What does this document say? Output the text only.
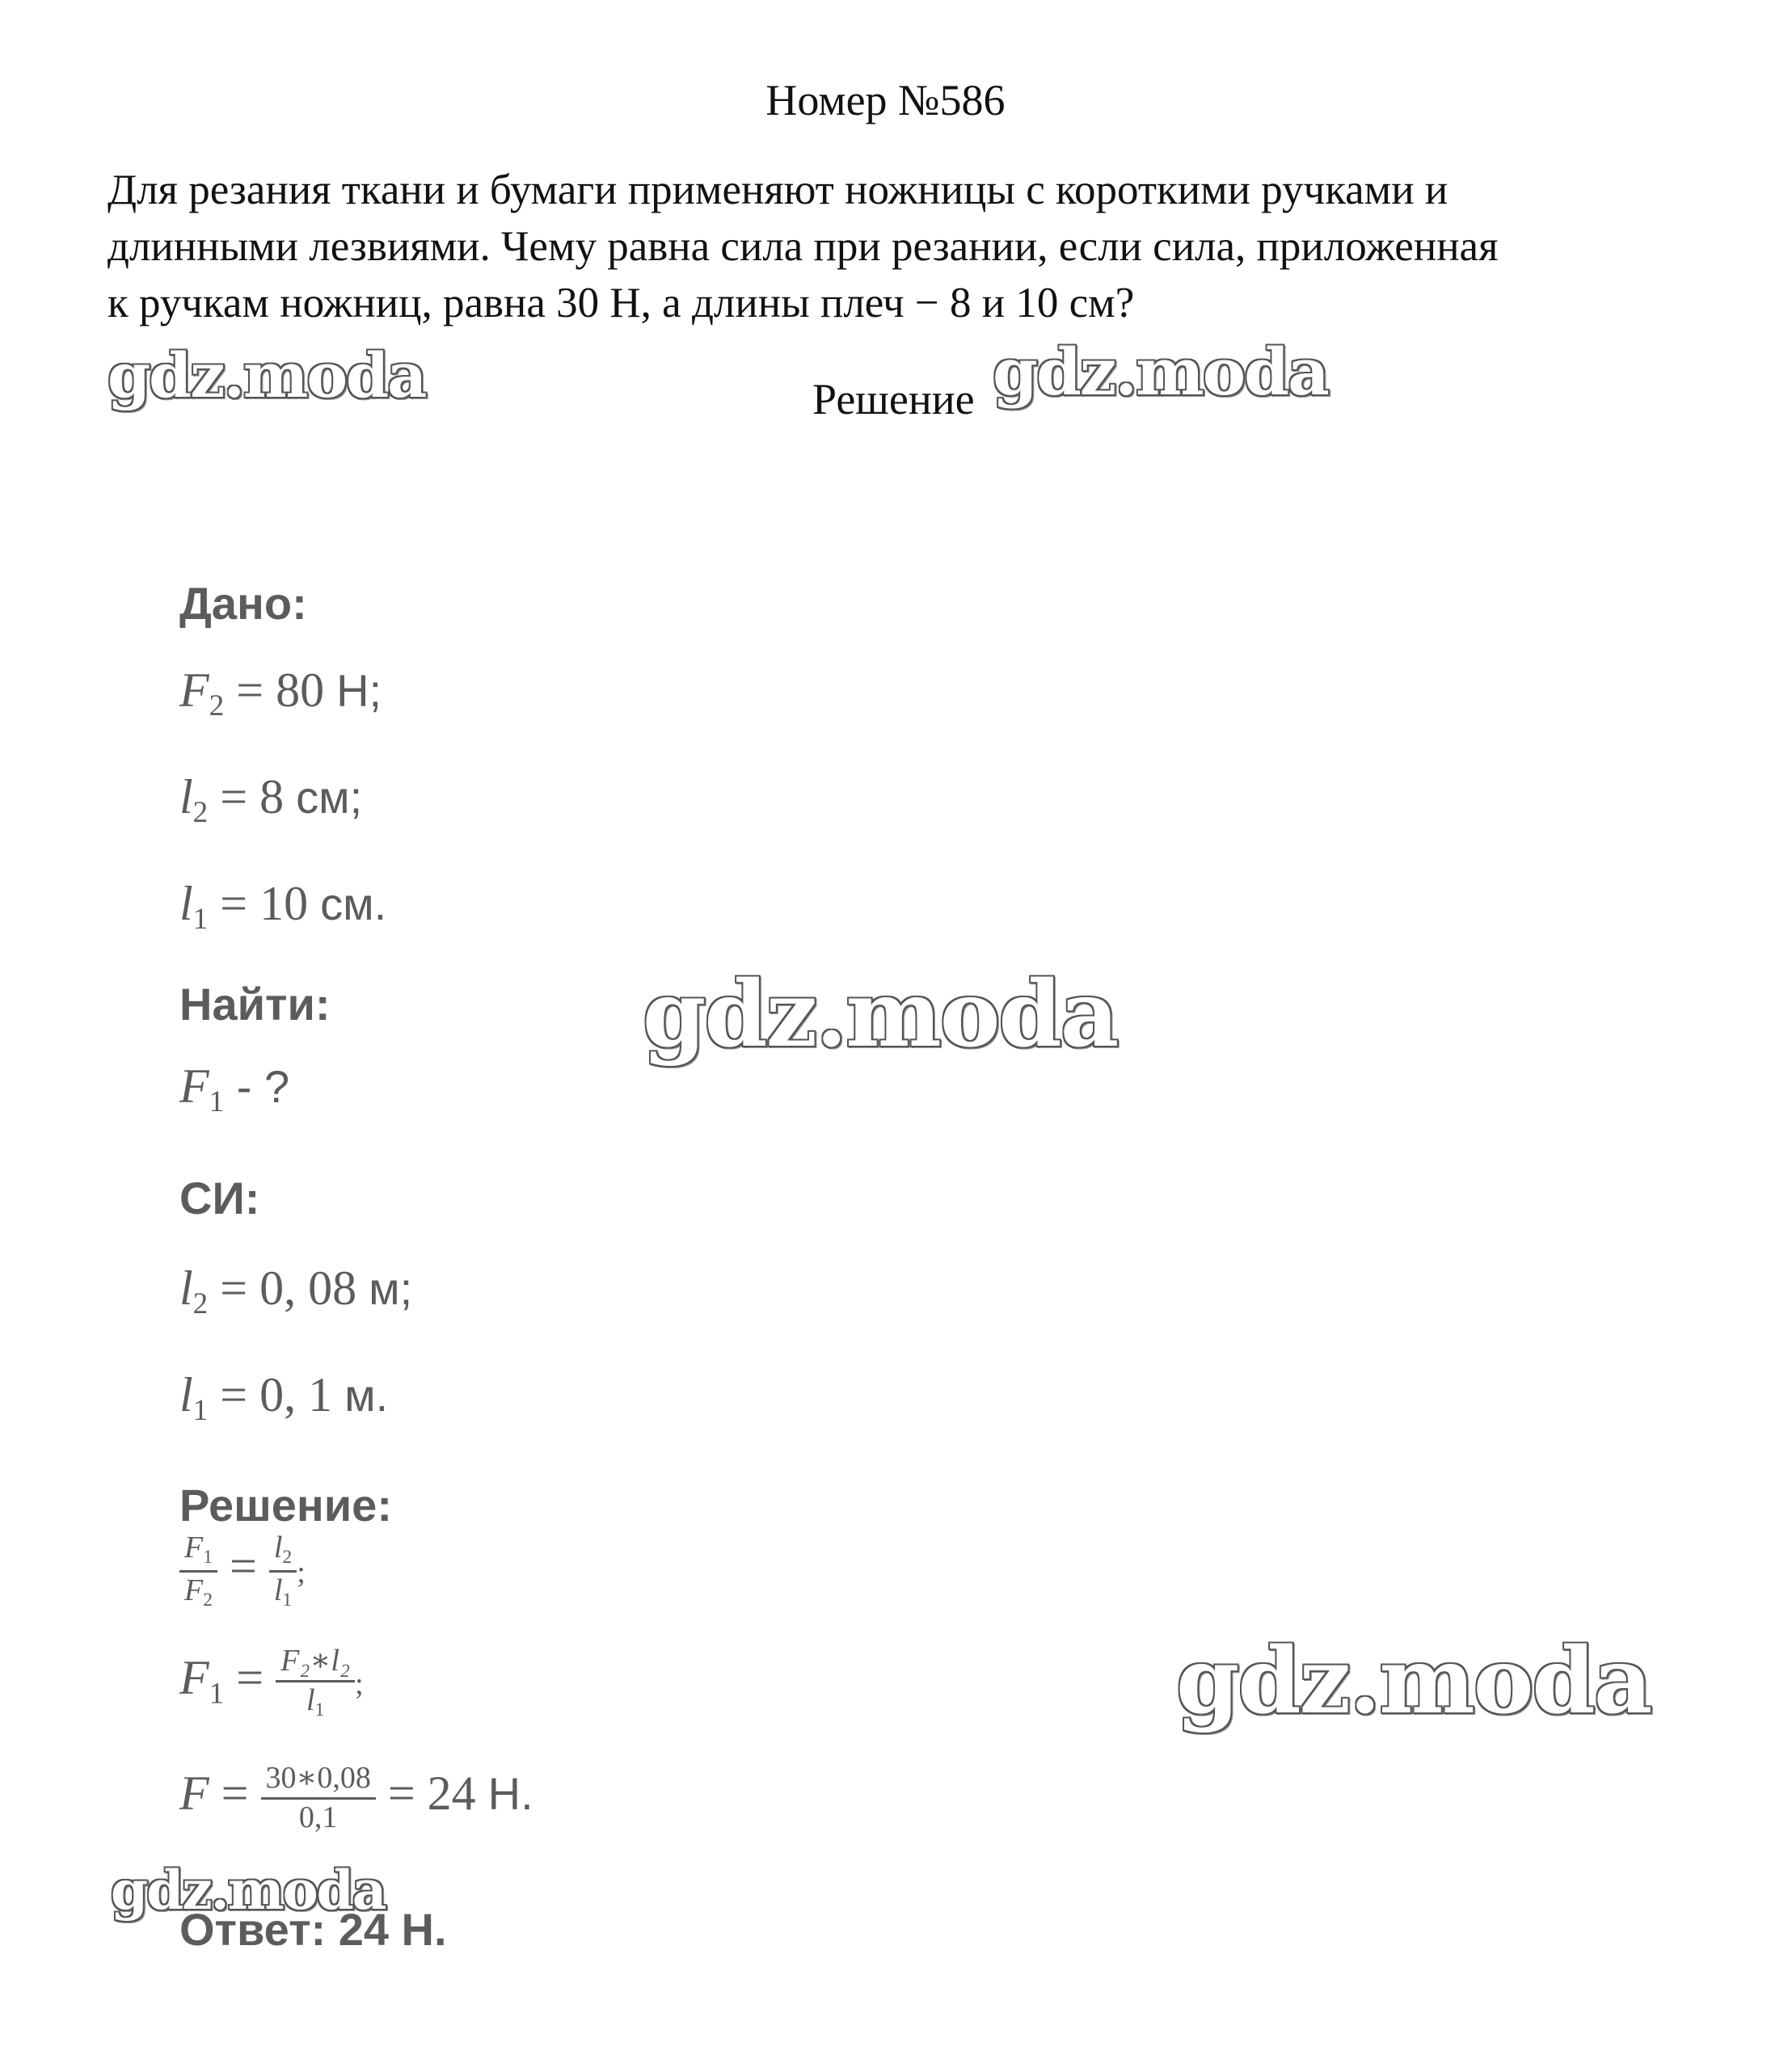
Номер №586

Для резания ткани и бумаги применяют ножницы с короткими ручками и
длинными лезвиями. Чему равна сила при резании, если сила, приложенная
к ручкам ножниц, равна 30 Н, а длины плеч − 8 и 10 см?

Решение
gdz.moda	gdz.moda
gdz.moda
gdz.moda
gdz.moda
Дано:
$F_2 = 80$ Н;
$l_2 = 8$ см;
$l_1 = 10$ см.
Найти:
$F_1$ - ?
СИ:
$l_2 = 0$, 08 м;
$l_1 = 0$, 1 м.
Решение:
$\frac{F_1}{F_2} = \frac{l_2}{l_1}$ ;
$F_1 = \frac{\text{F₂∗l₂}}{l_1}$ ;
$F = \frac{30∗0,08}{0,1} = 24$ Н.
Ответ: 24 Н.
